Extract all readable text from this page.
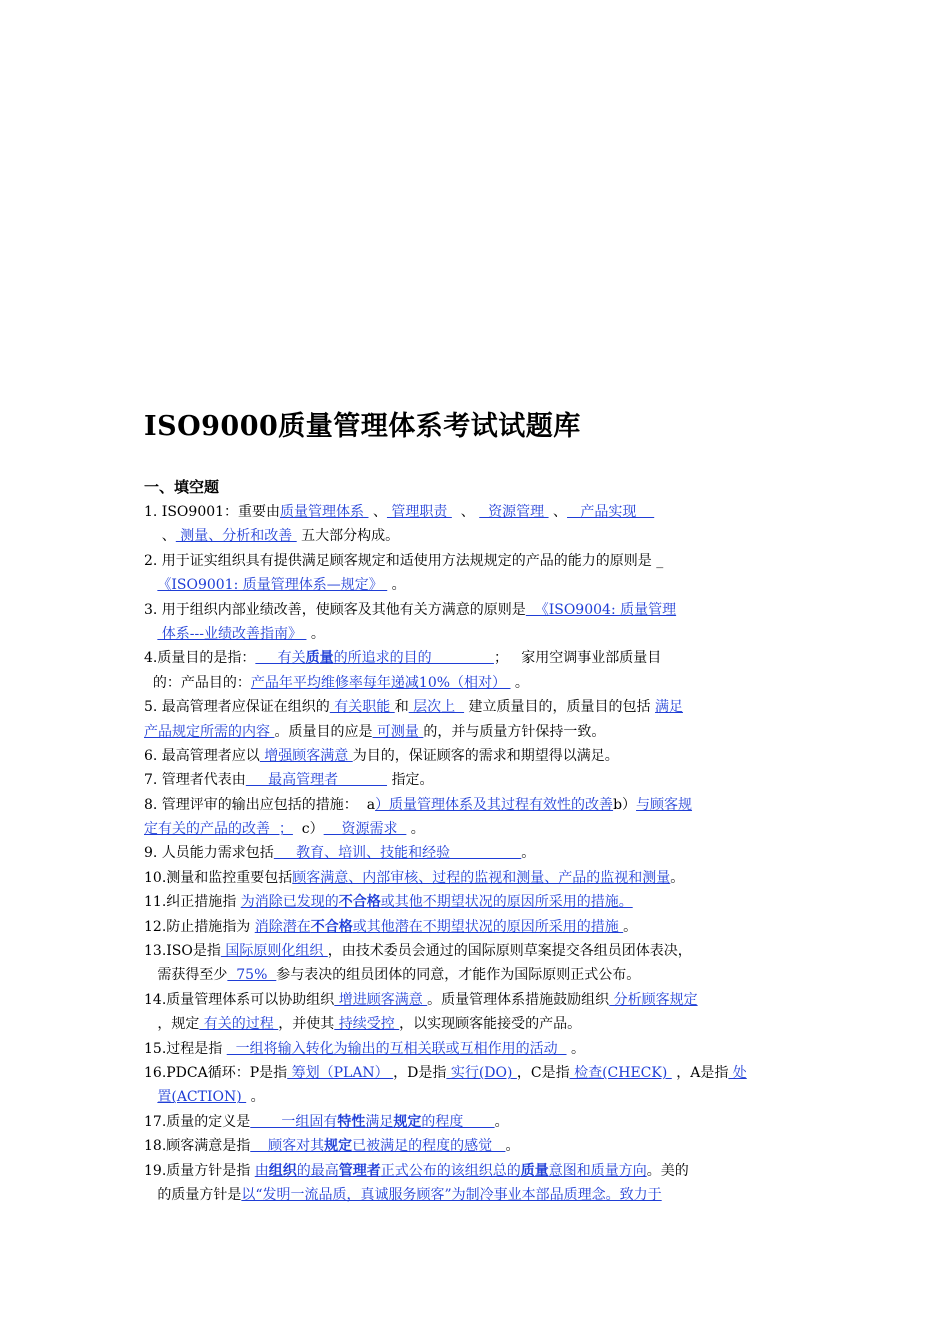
ISO9000质量管理体系考试试题库
一、填空题
1. ISO9001：重要由质量管理体系  、 管理职责   、   资源管理  、   产品实现
、 测量、分析和改善  五大部分构成。
2. 用于证实组织具有提供满足顾客规定和适使用方法规规定的产品的能力的原则是 _
《ISO9001: 质量管理体系—规定》  。
3. 用于组织内部业绩改善，使顾客及其他有关方满意的原则是  《ISO9004: 质量管理
体系---业绩改善指南》  。
4.质量目的是指：     有关质量的所追求的目的              ；   家用空调事业部质量目
的：产品目的：产品年平均维修率每年递减10%（相对）  。
5. 最高管理者应保证在组织的 有关职能 和 层次上   建立质量目的，质量目的包括 满足
产品规定所需的内容 。质量目的应是 可测量 的，并与质量方针保持一致。
6. 最高管理者应以 增强顾客满意 为目的，保证顾客的需求和期望得以满足。
7. 管理者代表由     最高管理者            指定。
8. 管理评审的输出应包括的措施：  a）质量管理体系及其过程有效性的改善b）与顾客规
定有关的产品的改善  ；  c）    资源需求   。
9. 人员能力需求包括     教育、培训、技能和经验                。
10.测量和监控重要包括顾客满意、内部审核、过程的监视和测量、产品的监视和测量。
11.纠正措施指 为消除已发现的不合格或其他不期望状况的原因所采用的措施。
12.防止措施指为 消除潜在不合格或其他潜在不期望状况的原因所采用的措施 。
13.ISO是指 国际原则化组织 ，由技术委员会通过的国际原则草案提交各组员团体表决，
需获得至少  75%  参与表决的组员团体的同意，才能作为国际原则正式公布。
14.质量管理体系可以协助组织 增进顾客满意 。质量管理体系措施鼓励组织 分析顾客规定
，规定 有关的过程 ，并使其 持续受控 ，以实现顾客能接受的产品。
15.过程是指   一组将输入转化为输出的互相关联或互相作用的活动   。
16.PDCA循环：P是指 筹划（PLAN） ，D是指 实行(DO) ，C是指 检查(CHECK)  ，A是指 处
置(ACTION)  。
17.质量的定义是       一组固有特性满足规定的程度       。
18.顾客满意是指    顾客对其规定已被满足的程度的感觉   。
19.质量方针是指 由组织的最高管理者正式公布的该组织总的质量意图和质量方向。美的
的质量方针是以“发明一流品质，真诚服务顾客”为制冷事业本部品质理念。致力于
